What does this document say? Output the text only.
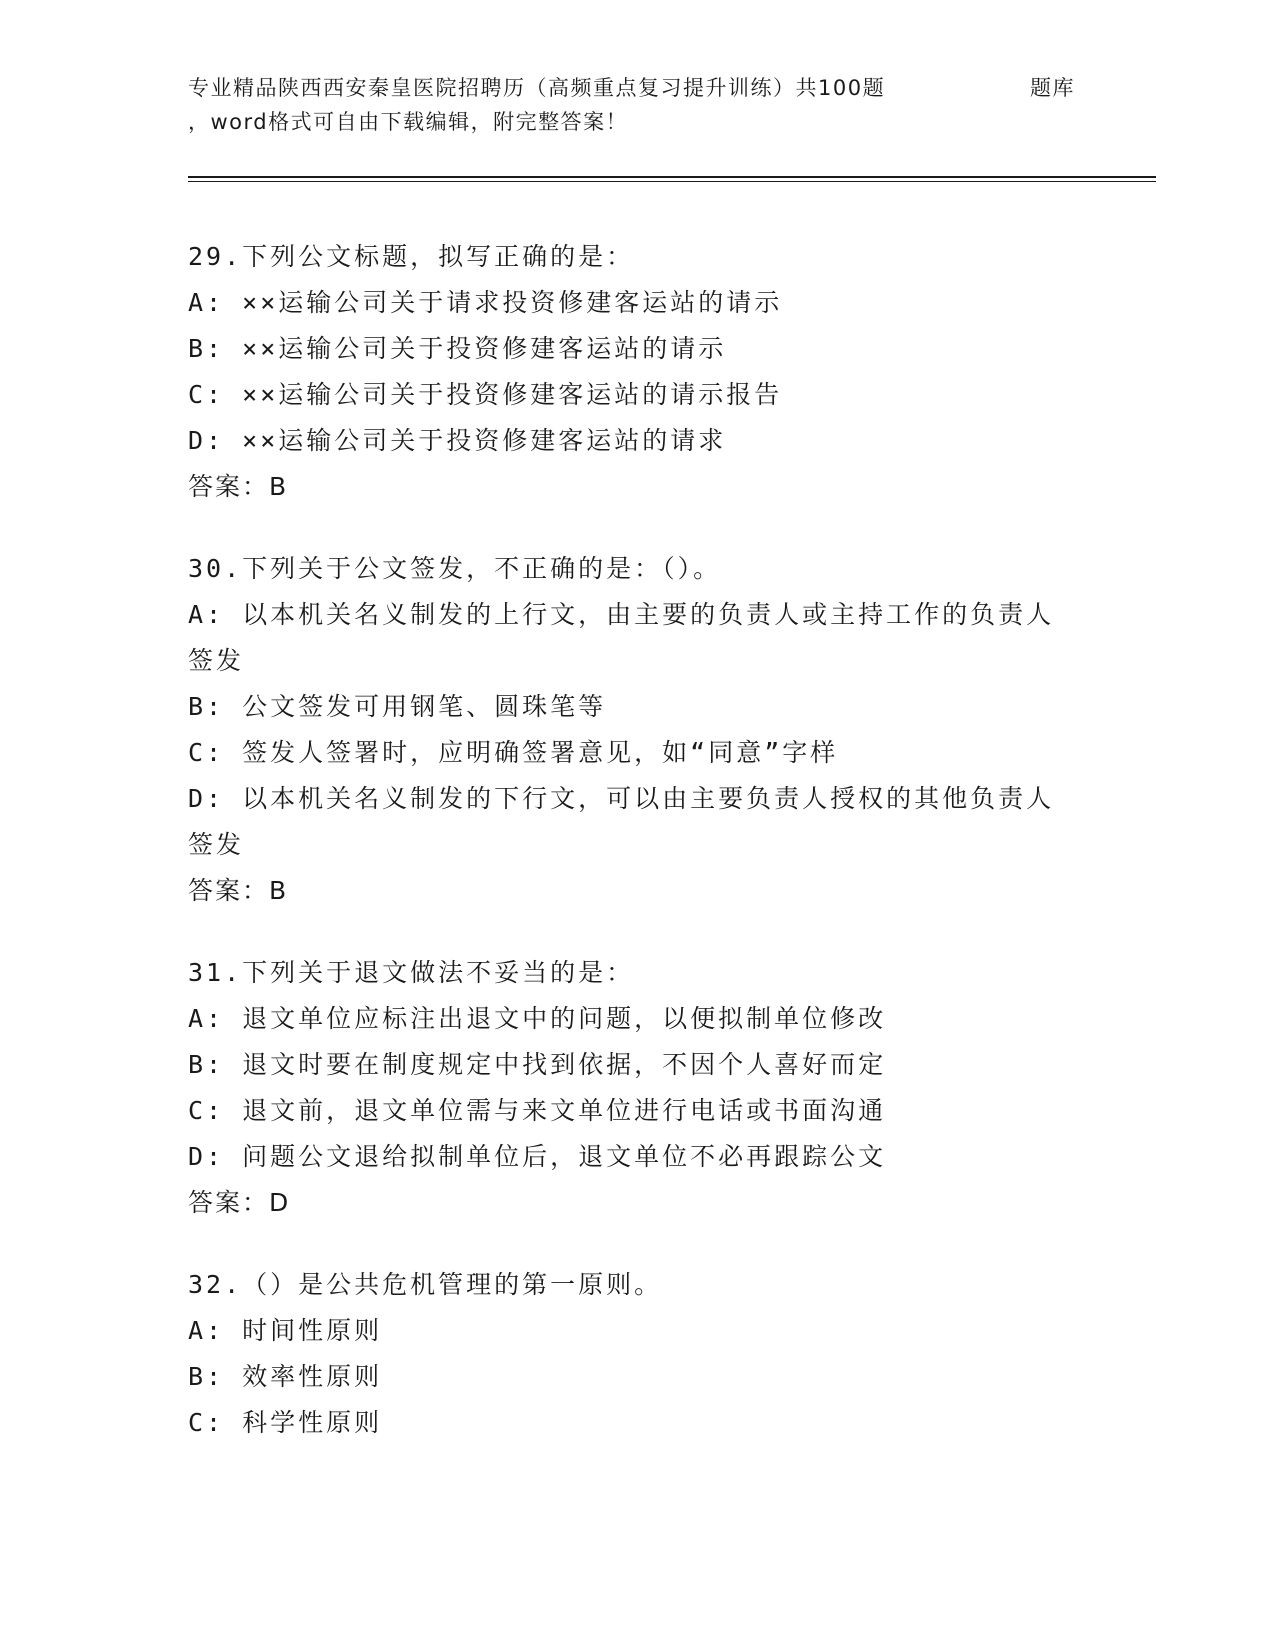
专业精品陕西西安秦皇医院招聘历（高频重点复习提升训练）共100题	题库
，word格式可自由下载编辑，附完整答案！
29.下列公文标题，拟写正确的是：
A: ××运输公司关于请求投资修建客运站的请示
B: ××运输公司关于投资修建客运站的请示
C: ××运输公司关于投资修建客运站的请示报告
D: ××运输公司关于投资修建客运站的请求
答案：B
30.下列关于公文签发，不正确的是：（）。
A: 以本机关名义制发的上行文，由主要的负责人或主持工作的负责人
签发
B: 公文签发可用钢笔、圆珠笔等
C: 签发人签署时，应明确签署意见，如“同意”字样
D: 以本机关名义制发的下行文，可以由主要负责人授权的其他负责人
签发
答案：B
31.下列关于退文做法不妥当的是：
A: 退文单位应标注出退文中的问题，以便拟制单位修改
B: 退文时要在制度规定中找到依据，不因个人喜好而定
C: 退文前，退文单位需与来文单位进行电话或书面沟通
D: 问题公文退给拟制单位后，退文单位不必再跟踪公文
答案：D
32.（）是公共危机管理的第一原则。
A: 时间性原则
B: 效率性原则
C: 科学性原则
